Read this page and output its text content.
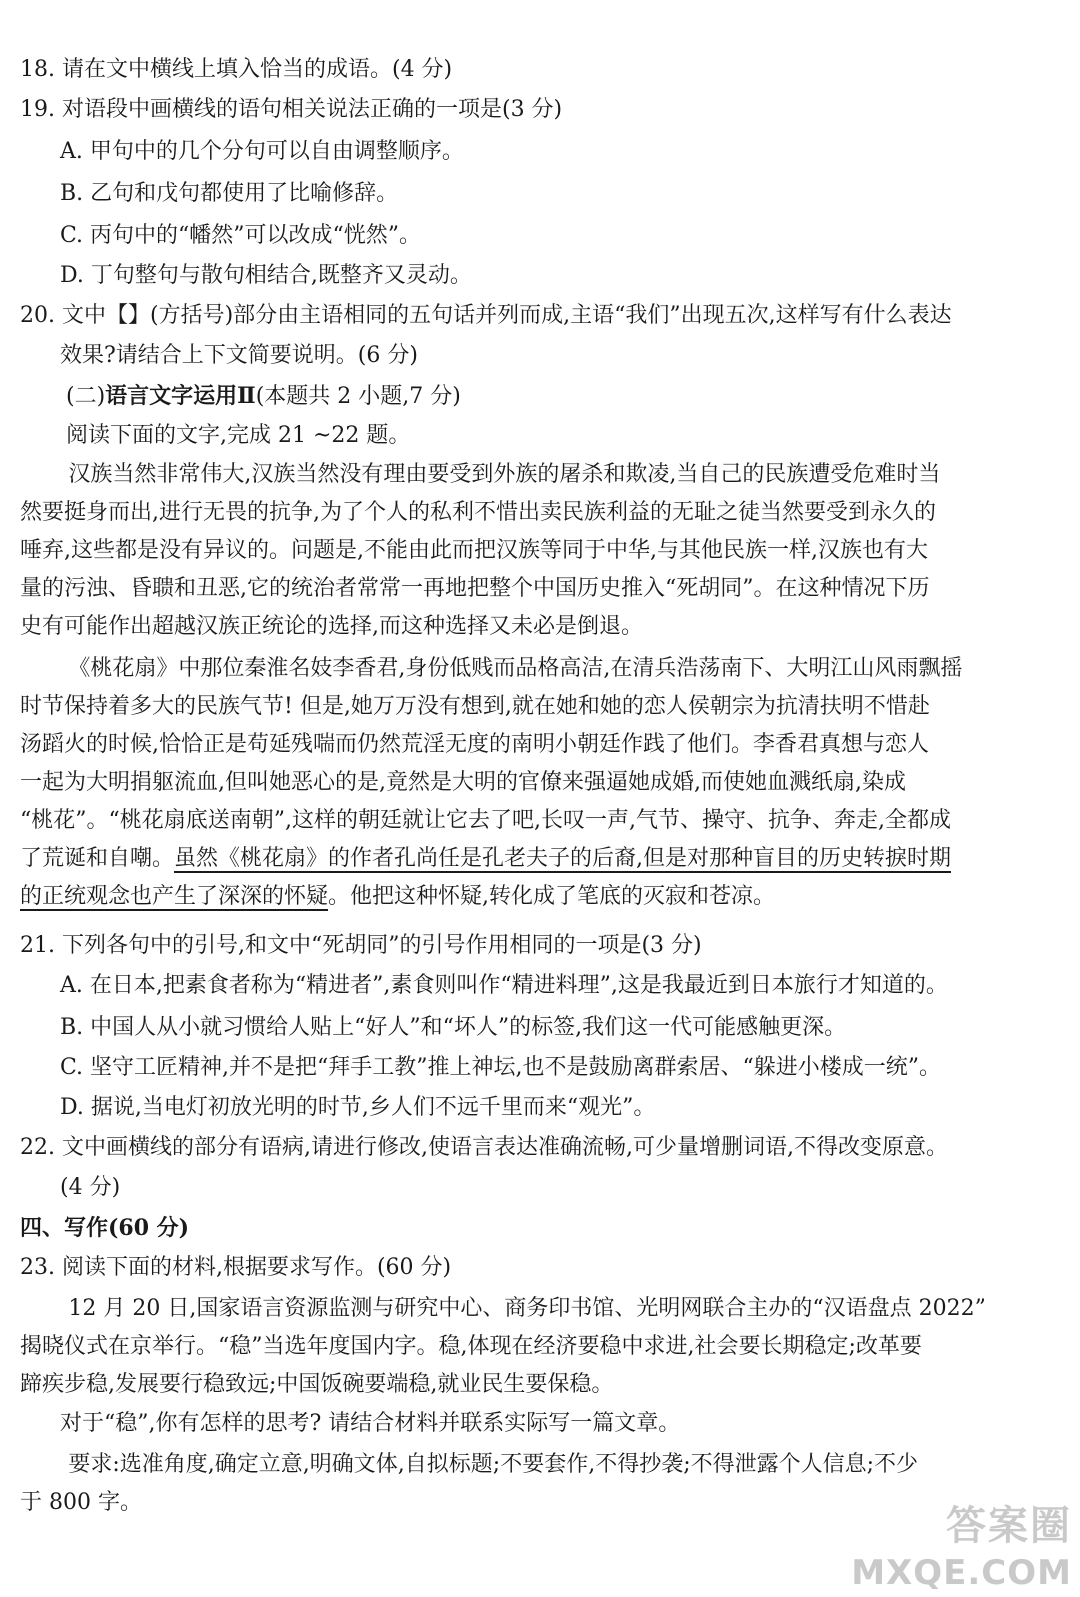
18. 请在文中横线上填入恰当的成语。(4 分)
19. 对语段中画横线的语句相关说法正确的一项是(3 分)
A. 甲句中的几个分句可以自由调整顺序。
B. 乙句和戊句都使用了比喻修辞。
C. 丙句中的“幡然”可以改成“恍然”。
D. 丁句整句与散句相结合,既整齐又灵动。
20. 文中【】(方括号)部分由主语相同的五句话并列而成,主语“我们”出现五次,这样写有什么表达
效果?请结合上下文简要说明。(6 分)
(二)语言文字运用Ⅱ(本题共 2 小题,7 分)
阅读下面的文字,完成 21 ~22 题。
汉族当然非常伟大,汉族当然没有理由要受到外族的屠杀和欺凌,当自己的民族遭受危难时当
然要挺身而出,进行无畏的抗争,为了个人的私利不惜出卖民族利益的无耻之徒当然要受到永久的
唾弃,这些都是没有异议的。问题是,不能由此而把汉族等同于中华,与其他民族一样,汉族也有大
量的污浊、昏聩和丑恶,它的统治者常常一再地把整个中国历史推入“死胡同”。在这种情况下历
史有可能作出超越汉族正统论的选择,而这种选择又未必是倒退。
《桃花扇》中那位秦淮名妓李香君,身份低贱而品格高洁,在清兵浩荡南下、大明江山风雨飘摇
时节保持着多大的民族气节! 但是,她万万没有想到,就在她和她的恋人侯朝宗为抗清扶明不惜赴
汤蹈火的时候,恰恰正是苟延残喘而仍然荒淫无度的南明小朝廷作践了他们。李香君真想与恋人
一起为大明捐躯流血,但叫她恶心的是,竟然是大明的官僚来强逼她成婚,而使她血溅纸扇,染成
“桃花”。“桃花扇底送南朝”,这样的朝廷就让它去了吧,长叹一声,气节、操守、抗争、奔走,全都成
了荒诞和自嘲。虽然《桃花扇》的作者孔尚任是孔老夫子的后裔,但是对那种盲目的历史转捩时期
的正统观念也产生了深深的怀疑。他把这种怀疑,转化成了笔底的灭寂和苍凉。
21. 下列各句中的引号,和文中“死胡同”的引号作用相同的一项是(3 分)
A. 在日本,把素食者称为“精进者”,素食则叫作“精进料理”,这是我最近到日本旅行才知道的。
B. 中国人从小就习惯给人贴上“好人”和“坏人”的标签,我们这一代可能感触更深。
C. 坚守工匠精神,并不是把“拜手工教”推上神坛,也不是鼓励离群索居、“躲进小楼成一统”。
D. 据说,当电灯初放光明的时节,乡人们不远千里而来“观光”。
22. 文中画横线的部分有语病,请进行修改,使语言表达准确流畅,可少量增删词语,不得改变原意。
(4 分)
四、写作(60 分)
23. 阅读下面的材料,根据要求写作。(60 分)
12 月 20 日,国家语言资源监测与研究中心、商务印书馆、光明网联合主办的“汉语盘点 2022”
揭晓仪式在京举行。“稳”当选年度国内字。稳,体现在经济要稳中求进,社会要长期稳定;改革要
蹄疾步稳,发展要行稳致远;中国饭碗要端稳,就业民生要保稳。
对于“稳”,你有怎样的思考? 请结合材料并联系实际写一篇文章。
要求:选准角度,确定立意,明确文体,自拟标题;不要套作,不得抄袭;不得泄露个人信息;不少
于 800 字。
答案圈
MXQE.COM
